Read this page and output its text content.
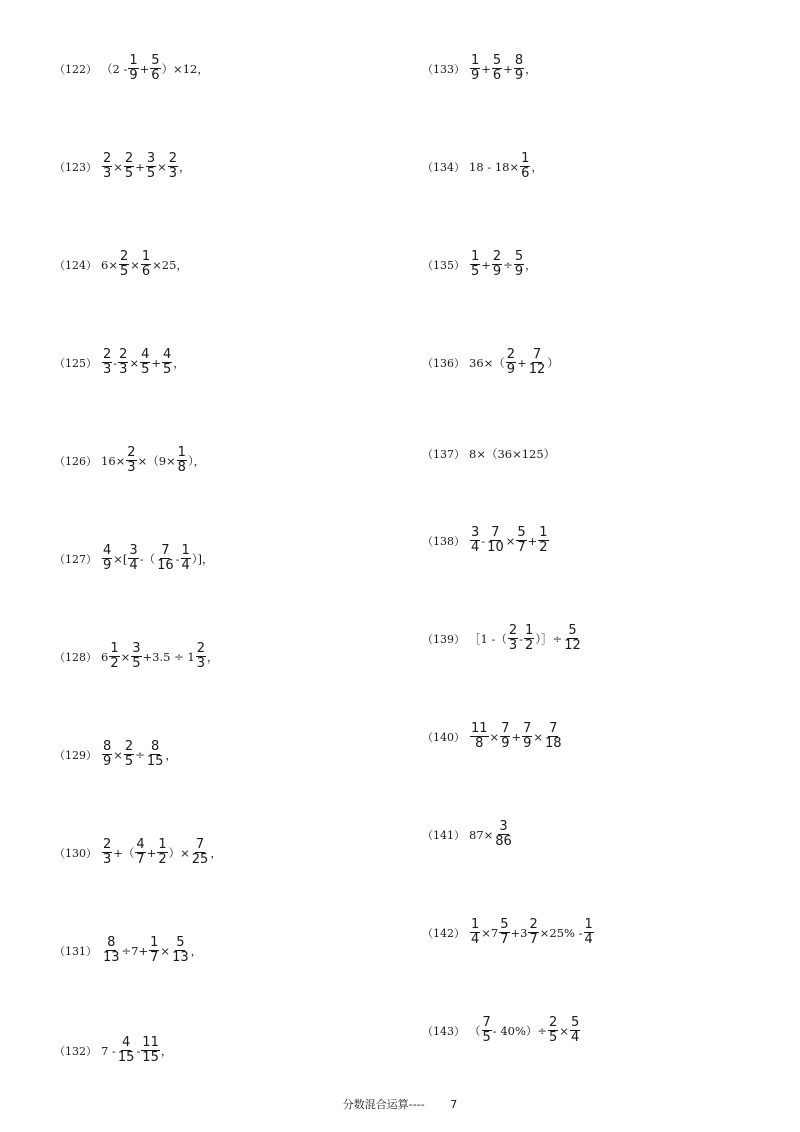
（122） $(2 - \frac{1}{9} + \frac{5}{6} )\times 12$，
$(123) \frac{2}{3} \times \frac{2}{5} + \frac{3}{5} \times \frac{2}{3}$ ，
（124） $6\times \frac{2}{5} \times \frac{1}{6} \times 25$，
$(125) \frac{2}{3} - \frac{2}{3} \times \frac{4}{5} + \frac{4}{5}$ ，
（126） $16\times \frac{2}{3} \times(9\times \frac{1}{8}$ ），
$(127) \frac{4}{9}$ ×[ $\frac{3}{4}$ -（ $\frac{7}{16} - \frac{1}{4}$ ）]，
（128） $6 \frac{1}{2} \times \frac{3}{5} +3.5 \div 1 \frac{2}{3}$ ，
$(129) \frac{8}{9} \times \frac{2}{5} \div \frac{8}{15}$ ，
$(130) \frac{2}{3}$ +（ $\frac{4}{7} + \frac{1}{2}$ ）× $\frac{7}{25}$ ，
$(131) \frac{8}{13} \div 7+ \frac{1}{7} \times \frac{5}{13}$ ，
（132） $7 - \frac{4}{15} - \frac{11}{15}$ ，
$(133) \frac{1}{9} + \frac{5}{6} + \frac{8}{9}$ ，
（134） $18 - 18\times \frac{1}{6}$ ，
$(135) \frac{1}{5} + \frac{2}{9} \div \frac{5}{9}$ ，
（136） $36\times( \frac{2}{9} + \frac{7}{12}$ ）
（137） 8×（36×125）
$(138) \frac{3}{4} - \frac{7}{10} \times \frac{5}{7} + \frac{1}{2}$
（139） ［1 -（ $\frac{2}{3} - \frac{1}{2}$ ）］÷ $\frac{5}{12}$
$(140) \frac{11}{8} \times \frac{7}{9} + \frac{7}{9} \times \frac{7}{18}$
（141） $87\times \frac{3}{86}$
$(142) \frac{1}{4} \times 7 \frac{5}{7} +3 \frac{2}{7} \times 25\% - \frac{1}{4}$
（143） （ $\frac{7}{5} - 40\%)\div \frac{2}{5} \times \frac{5}{4}$
分数混合运算---- 7
